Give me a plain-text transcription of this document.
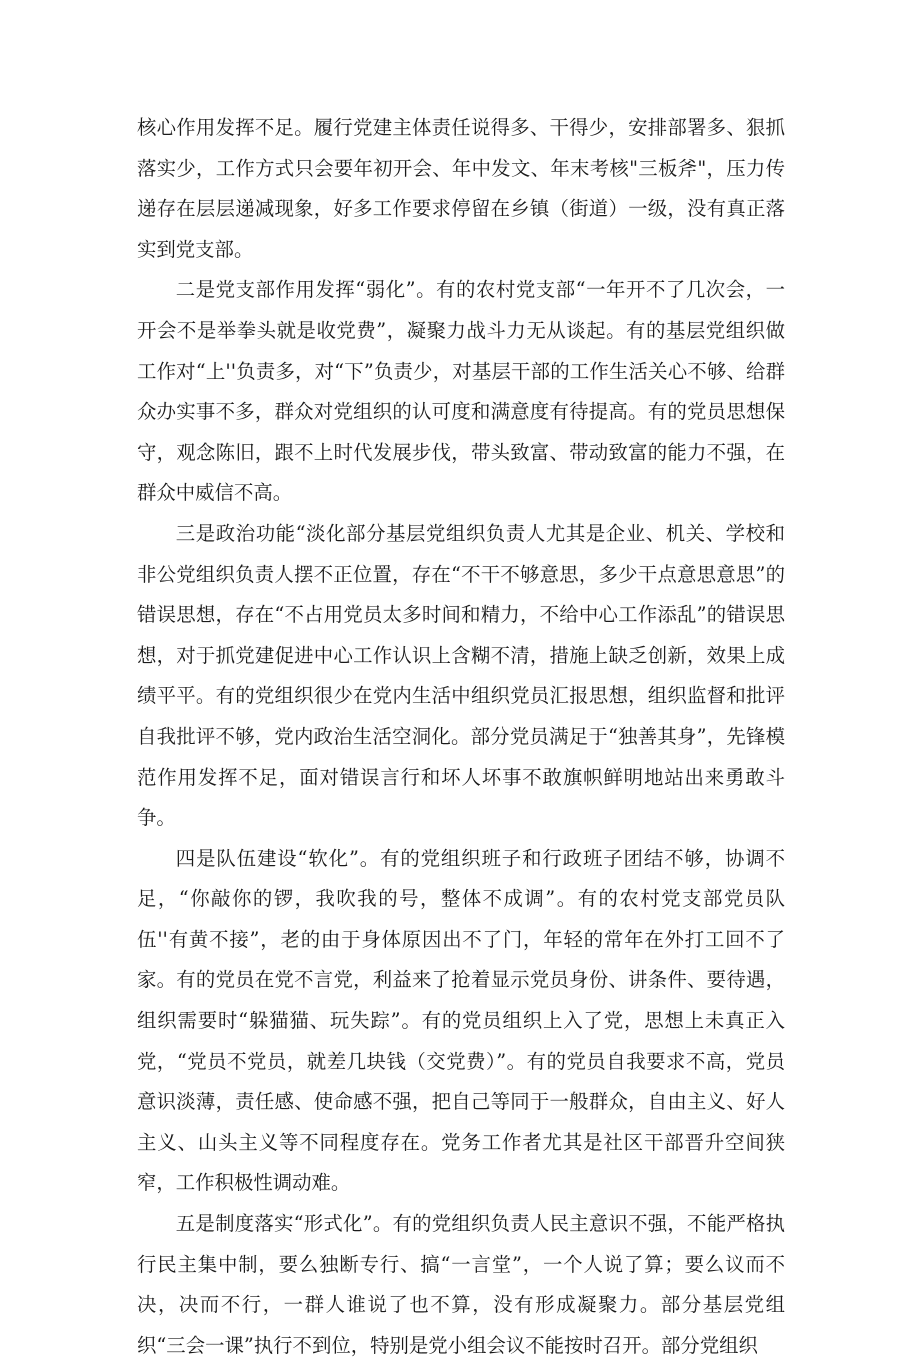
核心作用发挥不足。履行党建主体责任说得多、干得少，安排部署多、狠抓落实少，工作方式只会要年初开会、年中发文、年末考核"三板斧"，压力传递存在层层递减现象，好多工作要求停留在乡镇（街道）一级，没有真正落实到党支部。

二是党支部作用发挥“弱化”。有的农村党支部“一年开不了几次会，一开会不是举拳头就是收党费”，凝聚力战斗力无从谈起。有的基层党组织做工作对“上''负责多，对“下”负责少，对基层干部的工作生活关心不够、给群众办实事不多，群众对党组织的认可度和满意度有待提高。有的党员思想保守，观念陈旧，跟不上时代发展步伐，带头致富、带动致富的能力不强，在群众中威信不高。

三是政治功能“淡化部分基层党组织负责人尤其是企业、机关、学校和非公党组织负责人摆不正位置，存在“不干不够意思，多少干点意思意思”的错误思想，存在“不占用党员太多时间和精力，不给中心工作添乱”的错误思想，对于抓党建促进中心工作认识上含糊不清，措施上缺乏创新，效果上成绩平平。有的党组织很少在党内生活中组织党员汇报思想，组织监督和批评自我批评不够，党内政治生活空洞化。部分党员满足于“独善其身”，先锋模范作用发挥不足，面对错误言行和坏人坏事不敢旗帜鲜明地站出来勇敢斗争。

四是队伍建设“软化”。有的党组织班子和行政班子团结不够，协调不足，“你敲你的锣，我吹我的号，整体不成调”。有的农村党支部党员队伍''有黄不接”，老的由于身体原因出不了门，年轻的常年在外打工回不了家。有的党员在党不言党，利益来了抢着显示党员身份、讲条件、要待遇，组织需要时“躲猫猫、玩失踪”。有的党员组织上入了党，思想上未真正入党，“党员不党员，就差几块钱（交党费）”。有的党员自我要求不高，党员意识淡薄，责任感、使命感不强，把自己等同于一般群众，自由主义、好人主义、山头主义等不同程度存在。党务工作者尤其是社区干部晋升空间狭窄，工作积极性调动难。

五是制度落实“形式化”。有的党组织负责人民主意识不强，不能严格执行民主集中制，要么独断专行、搞“一言堂”，一个人说了算；要么议而不决，决而不行，一群人谁说了也不算，没有形成凝聚力。部分基层党组织“三会一课”执行不到位，特别是党小组会议不能按时召开。部分党组织
